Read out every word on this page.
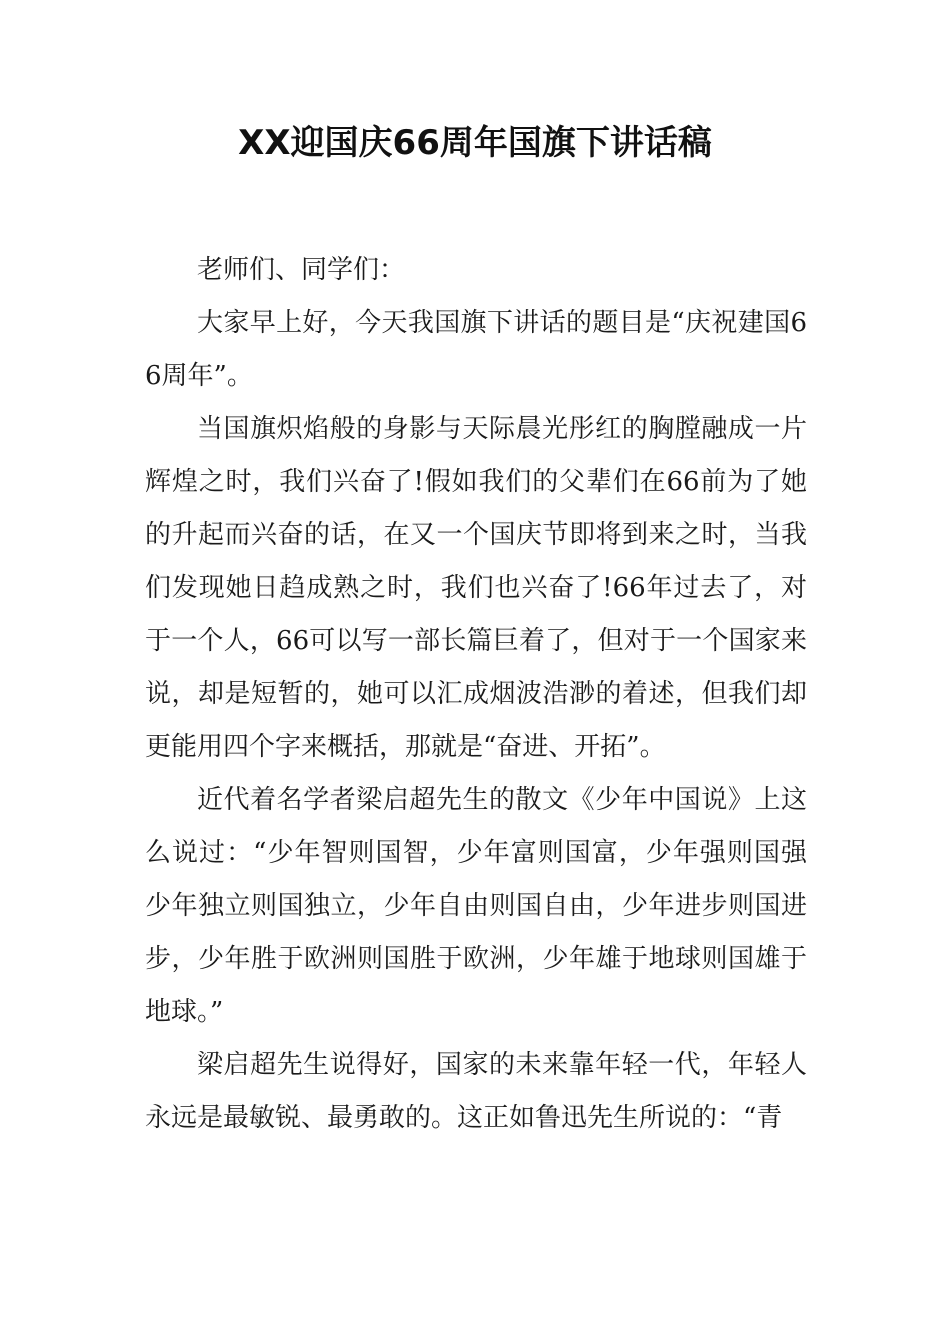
XX迎国庆66周年国旗下讲话稿

老师们、同学们：

大家早上好，今天我国旗下讲话的题目是“庆祝建国66周年”。

当国旗炽焰般的身影与天际晨光彤红的胸膛融成一片辉煌之时，我们兴奋了!假如我们的父辈们在66前为了她的升起而兴奋的话，在又一个国庆节即将到来之时，当我们发现她日趋成熟之时，我们也兴奋了!66年过去了，对于一个人，66可以写一部长篇巨着了，但对于一个国家来说，却是短暂的，她可以汇成烟波浩渺的着述，但我们却更能用四个字来概括，那就是“奋进、开拓”。

近代着名学者梁启超先生的散文《少年中国说》上这么说过：“少年智则国智，少年富则国富，少年强则国强少年独立则国独立，少年自由则国自由，少年进步则国进步，少年胜于欧洲则国胜于欧洲，少年雄于地球则国雄于地球。”

梁启超先生说得好，国家的未来靠年轻一代，年轻人永远是最敏锐、最勇敢的。这正如鲁迅先生所说的：“青
